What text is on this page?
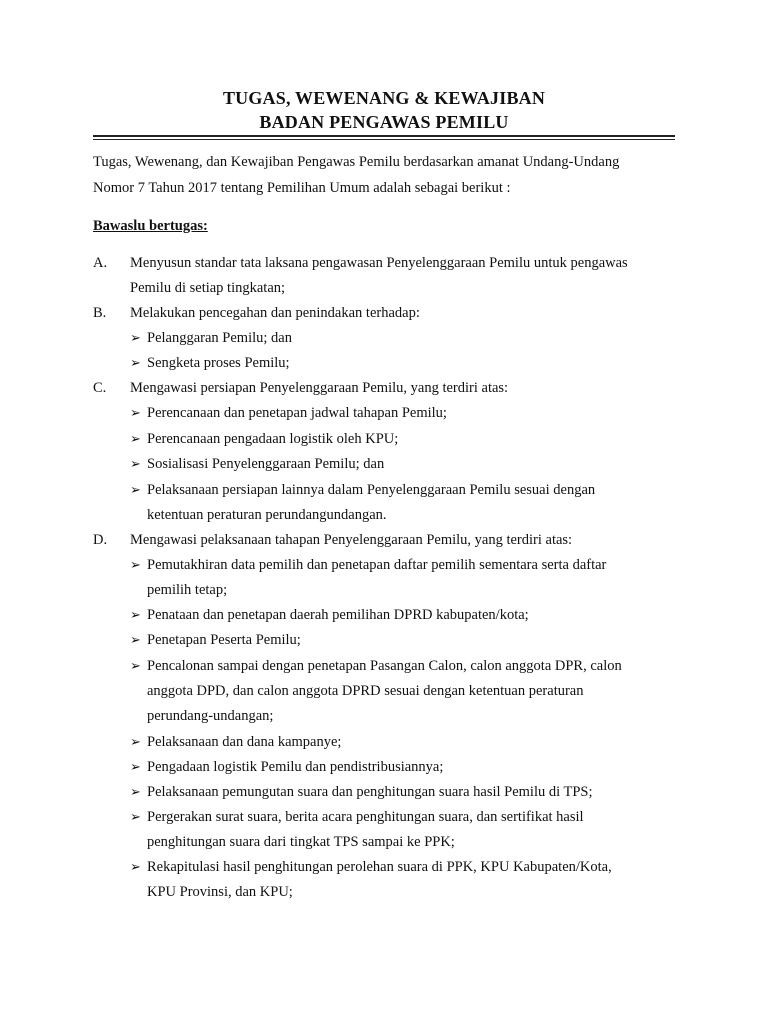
TUGAS, WEWENANG & KEWAJIBAN
BADAN PENGAWAS PEMILU
Tugas, Wewenang, dan Kewajiban Pengawas Pemilu berdasarkan amanat Undang-Undang
Nomor 7 Tahun 2017 tentang Pemilihan Umum adalah sebagai berikut :
Bawaslu bertugas:
A. Menyusun standar tata laksana pengawasan Penyelenggaraan Pemilu untuk pengawas
Pemilu di setiap tingkatan;
B. Melakukan pencegahan dan penindakan terhadap:
➢ Pelanggaran Pemilu; dan
➢ Sengketa proses Pemilu;
C. Mengawasi persiapan Penyelenggaraan Pemilu, yang terdiri atas:
➢ Perencanaan dan penetapan jadwal tahapan Pemilu;
➢ Perencanaan pengadaan logistik oleh KPU;
➢ Sosialisasi Penyelenggaraan Pemilu; dan
➢ Pelaksanaan persiapan lainnya dalam Penyelenggaraan Pemilu sesuai dengan
ketentuan peraturan perundangundangan.
D. Mengawasi pelaksanaan tahapan Penyelenggaraan Pemilu, yang terdiri atas:
➢ Pemutakhiran data pemilih dan penetapan daftar pemilih sementara serta daftar
pemilih tetap;
➢ Penataan dan penetapan daerah pemilihan DPRD kabupaten/kota;
➢ Penetapan Peserta Pemilu;
➢ Pencalonan sampai dengan penetapan Pasangan Calon, calon anggota DPR, calon
anggota DPD, dan calon anggota DPRD sesuai dengan ketentuan peraturan
perundang-undangan;
➢ Pelaksanaan dan dana kampanye;
➢ Pengadaan logistik Pemilu dan pendistribusiannya;
➢ Pelaksanaan pemungutan suara dan penghitungan suara hasil Pemilu di TPS;
➢ Pergerakan surat suara, berita acara penghitungan suara, dan sertifikat hasil
penghitungan suara dari tingkat TPS sampai ke PPK;
➢ Rekapitulasi hasil penghitungan perolehan suara di PPK, KPU Kabupaten/Kota,
KPU Provinsi, dan KPU;
